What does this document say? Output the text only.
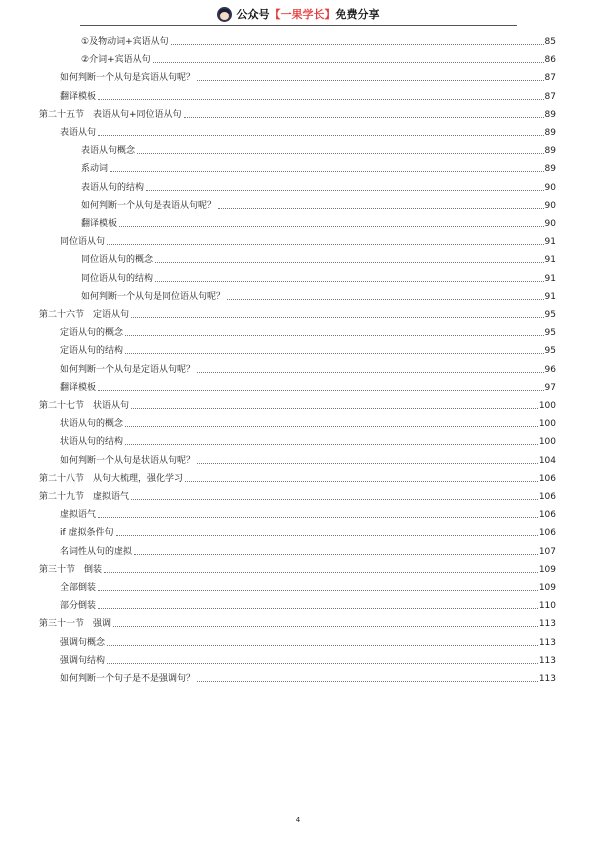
公众号【一果学长】免费分享
①及物动词+宾语从句	85
②介词+宾语从句	86
如何判断一个从句是宾语从句呢？	87
翻译模板	87
第二十五节　表语从句+同位语从句	89
表语从句	89
表语从句概念	89
系动词	89
表语从句的结构	90
如何判断一个从句是表语从句呢？	90
翻译模板	90
同位语从句	91
同位语从句的概念	91
同位语从句的结构	91
如何判断一个从句是同位语从句呢？	91
第二十六节　定语从句	95
定语从句的概念	95
定语从句的结构	95
如何判断一个从句是定语从句呢？	96
翻译模板	97
第二十七节　状语从句	100
状语从句的概念	100
状语从句的结构	100
如何判断一个从句是状语从句呢？	104
第二十八节　从句大梳理，强化学习	106
第二十九节　虚拟语气	106
虚拟语气	106
if 虚拟条件句	106
名词性从句的虚拟	107
第三十节　倒装	109
全部倒装	109
部分倒装	110
第三十一节　强调	113
强调句概念	113
强调句结构	113
如何判断一个句子是不是强调句？	113
4
